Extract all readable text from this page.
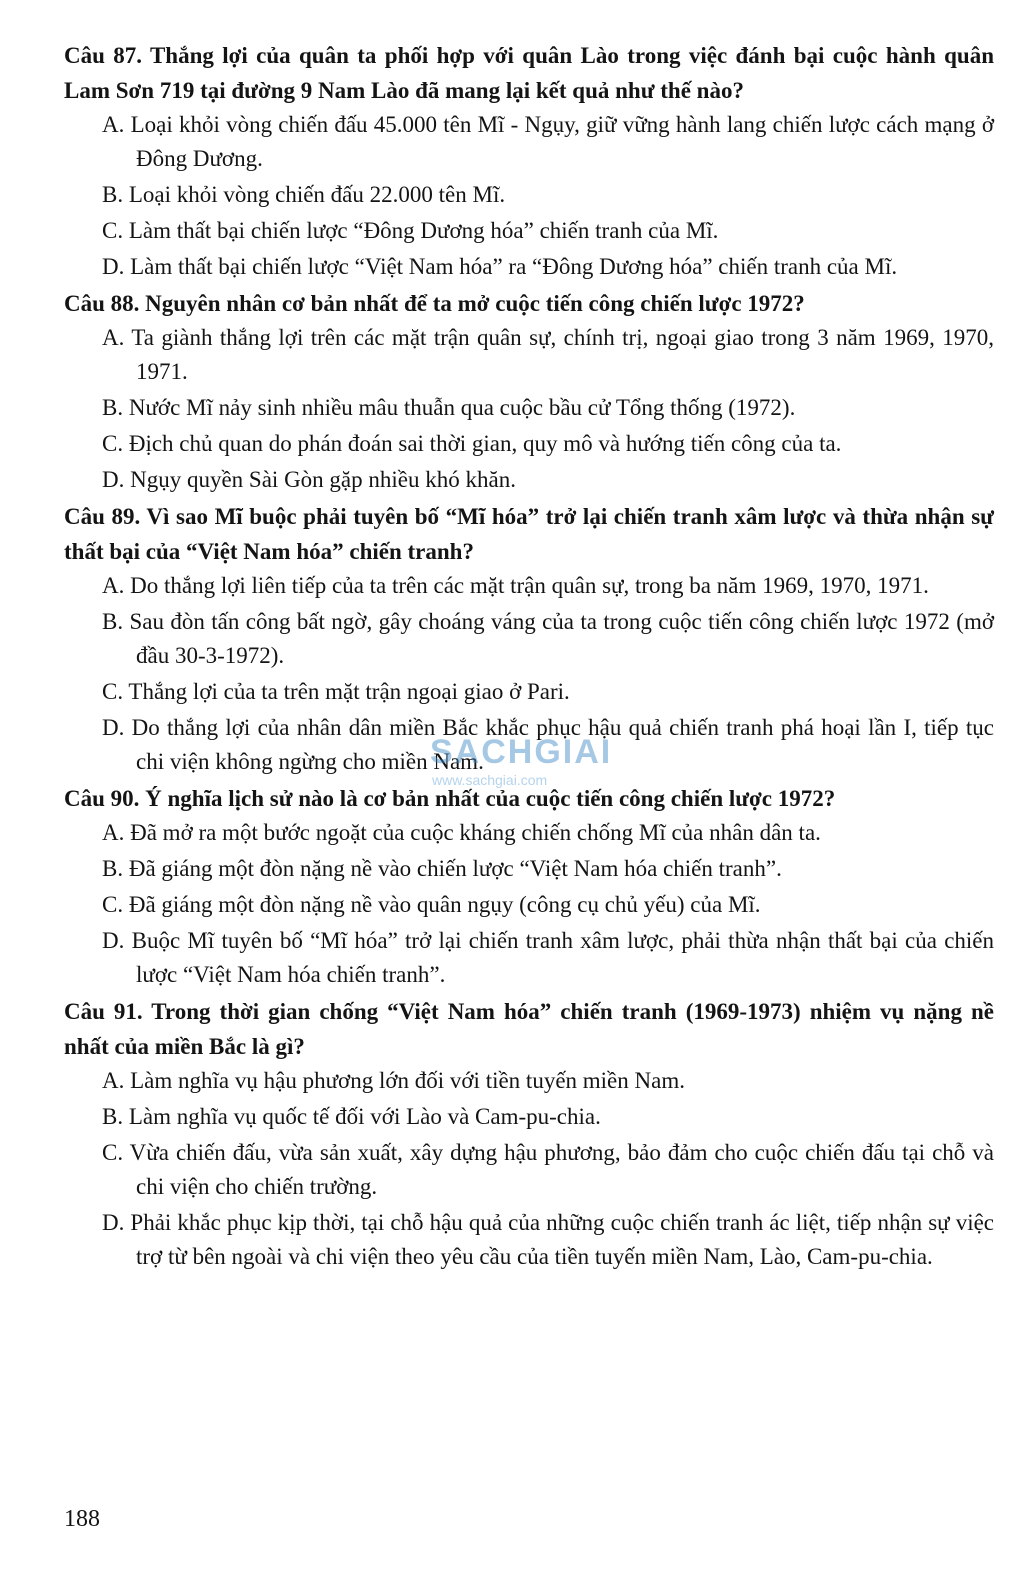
Câu 87. Thắng lợi của quân ta phối hợp với quân Lào trong việc đánh bại cuộc hành quân Lam Sơn 719 tại đường 9 Nam Lào đã mang lại kết quả như thế nào?

A. Loại khỏi vòng chiến đấu 45.000 tên Mĩ - Ngụy, giữ vững hành lang chiến lược cách mạng ở Đông Dương.
B. Loại khỏi vòng chiến đấu 22.000 tên Mĩ.
C. Làm thất bại chiến lược “Đông Dương hóa” chiến tranh của Mĩ.
D. Làm thất bại chiến lược “Việt Nam hóa” ra “Đông Dương hóa” chiến tranh của Mĩ.

Câu 88. Nguyên nhân cơ bản nhất để ta mở cuộc tiến công chiến lược 1972?

A. Ta giành thắng lợi trên các mặt trận quân sự, chính trị, ngoại giao trong 3 năm 1969, 1970, 1971.
B. Nước Mĩ nảy sinh nhiều mâu thuẫn qua cuộc bầu cử Tổng thống (1972).
C. Địch chủ quan do phán đoán sai thời gian, quy mô và hướng tiến công của ta.
D. Ngụy quyền Sài Gòn gặp nhiều khó khăn.

Câu 89. Vì sao Mĩ buộc phải tuyên bố “Mĩ hóa” trở lại chiến tranh xâm lược và thừa nhận sự thất bại của “Việt Nam hóa” chiến tranh?

A. Do thắng lợi liên tiếp của ta trên các mặt trận quân sự, trong ba năm 1969, 1970, 1971.
B. Sau đòn tấn công bất ngờ, gây choáng váng của ta trong cuộc tiến công chiến lược 1972 (mở đầu 30-3-1972).
C. Thắng lợi của ta trên mặt trận ngoại giao ở Pari.
D. Do thắng lợi của nhân dân miền Bắc khắc phục hậu quả chiến tranh phá hoại lần I, tiếp tục chi viện không ngừng cho miền Nam.

Câu 90. Ý nghĩa lịch sử nào là cơ bản nhất của cuộc tiến công chiến lược 1972?

A. Đã mở ra một bước ngoặt của cuộc kháng chiến chống Mĩ của nhân dân ta.
B. Đã giáng một đòn nặng nề vào chiến lược “Việt Nam hóa chiến tranh”.
C. Đã giáng một đòn nặng nề vào quân ngụy (công cụ chủ yếu) của Mĩ.
D. Buộc Mĩ tuyên bố “Mĩ hóa” trở lại chiến tranh xâm lược, phải thừa nhận thất bại của chiến lược “Việt Nam hóa chiến tranh”.

Câu 91. Trong thời gian chống “Việt Nam hóa” chiến tranh (1969-1973) nhiệm vụ nặng nề nhất của miền Bắc là gì?

A. Làm nghĩa vụ hậu phương lớn đối với tiền tuyến miền Nam.
B. Làm nghĩa vụ quốc tế đối với Lào và Cam-pu-chia.
C. Vừa chiến đấu, vừa sản xuất, xây dựng hậu phương, bảo đảm cho cuộc chiến đấu tại chỗ và chi viện cho chiến trường.
D. Phải khắc phục kịp thời, tại chỗ hậu quả của những cuộc chiến tranh ác liệt, tiếp nhận sự việc trợ từ bên ngoài và chi viện theo yêu cầu của tiền tuyến miền Nam, Lào, Cam-pu-chia.
SACHGIAI
www.sachgiai.com
188
